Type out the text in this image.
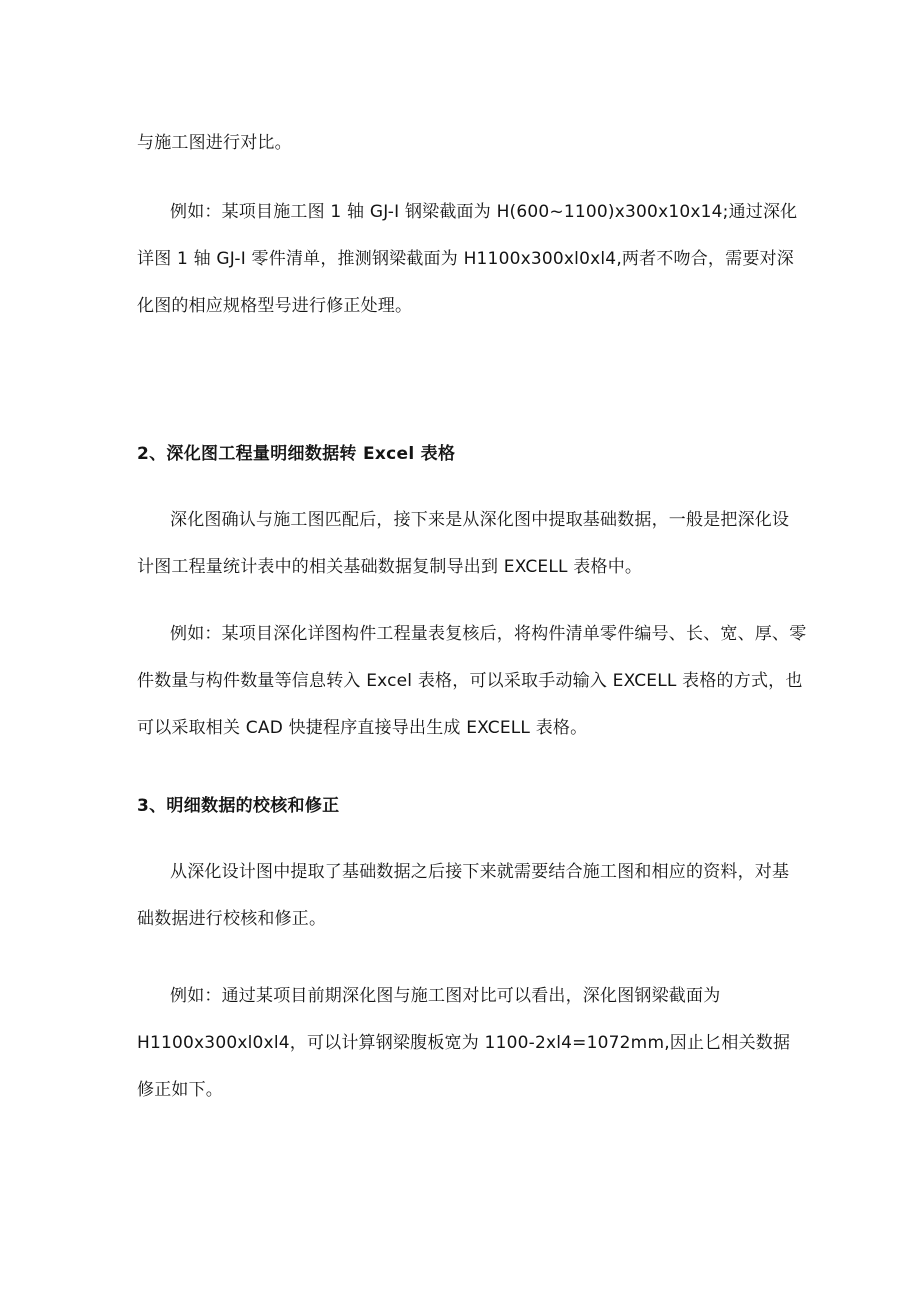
与施工图进行对比。
例如：某项目施工图 1 轴 GJ-I 钢梁截面为 H(600~1100)x300x10x14;通过深化
详图 1 轴 GJ-I 零件清单，推测钢梁截面为 H1100x300xl0xl4,两者不吻合，需要对深
化图的相应规格型号进行修正处理。
2、深化图工程量明细数据转 Excel 表格
深化图确认与施工图匹配后，接下来是从深化图中提取基础数据，一般是把深化设
计图工程量统计表中的相关基础数据复制导出到 EXCELL 表格中。
例如：某项目深化详图构件工程量表复核后，将构件清单零件编号、长、宽、厚、零
件数量与构件数量等信息转入 Excel 表格，可以采取手动输入 EXCELL 表格的方式，也
可以采取相关 CAD 快捷程序直接导出生成 EXCELL 表格。
3、明细数据的校核和修正
从深化设计图中提取了基础数据之后接下来就需要结合施工图和相应的资料，对基
础数据进行校核和修正。
例如：通过某项目前期深化图与施工图对比可以看出，深化图钢梁截面为
H1100x300xl0xl4，可以计算钢梁腹板宽为 1100-2xl4=1072mm,因止匕相关数据
修正如下。
